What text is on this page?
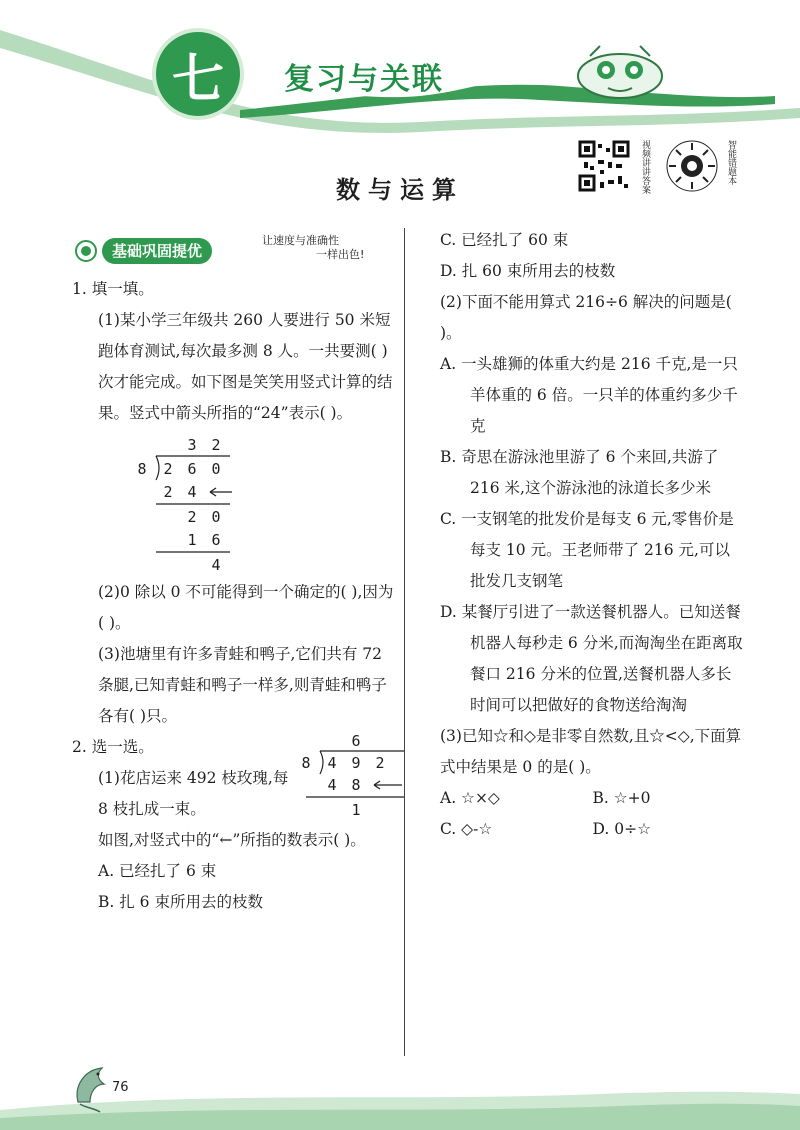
七 复习与关联
数与运算	视频讲讲答案	智能错题本
基础巩固提优
让速度与准确性
一样出色!
1. 填一填。
(1)某小学三年级共 260 人要进行 50 米短跑体育测试,每次最多测 8 人。一共要测( )次才能完成。如下图是笑笑用竖式计算的结果。竖式中箭头所指的“24”表示( )。
3 2
8	2 6 0
2 4
2 0
1 6
4
(2)0 除以 0 不可能得到一个确定的( ),因为( )。
(3)池塘里有许多青蛙和鸭子,它们共有 72 条腿,已知青蛙和鸭子一样多,则青蛙和鸭子各有( )只。
2. 选一选。
(1)花店运来 492 枝玫瑰,每 8 枝扎成一束。
6
8	4 9 2
4 8
1
如图,对竖式中的“←”所指的数表示( )。
A. 已经扎了 6 束
B. 扎 6 束所用去的枝数
C. 已经扎了 60 束
D. 扎 60 束所用去的枝数
(2)下面不能用算式 216÷6 解决的问题是( )。
A. 一头雄狮的体重大约是 216 千克,是一只羊体重的 6 倍。一只羊的体重约多少千克
B. 奇思在游泳池里游了 6 个来回,共游了 216 米,这个游泳池的泳道长多少米
C. 一支钢笔的批发价是每支 6 元,零售价是每支 10 元。王老师带了 216 元,可以批发几支钢笔
D. 某餐厅引进了一款送餐机器人。已知送餐机器人每秒走 6 分米,而淘淘坐在距离取餐口 216 分米的位置,送餐机器人多长时间可以把做好的食物送给淘淘
(3)已知☆和◇是非零自然数,且☆<◇,下面算式中结果是 0 的是( )。
A. ☆×◇	B. ☆+0
C. ◇-☆	D. 0÷☆
76
